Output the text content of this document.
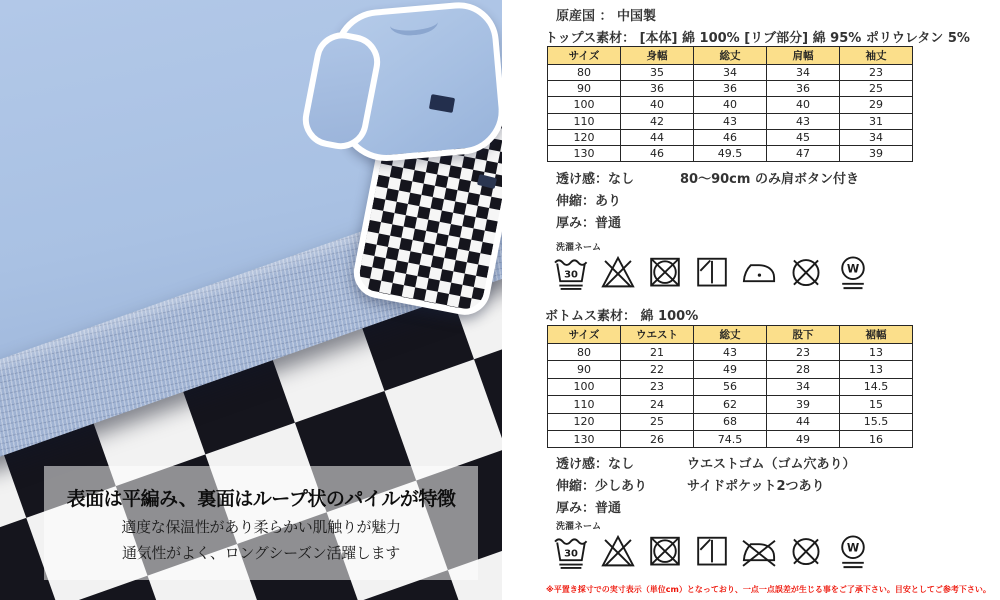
表面は平編み、裏面はループ状のパイルが特徴
適度な保温性があり柔らかい肌触りが魅力
通気性がよく、ロングシーズン活躍します
原産国 ： 中国製
トップス素材： [本体] 綿 100% [リブ部分] 綿 95% ポリウレタン 5%
サイズ	身幅	総丈	肩幅	袖丈
80	35	34	34	23
90	36	36	36	25
100	40	40	40	29
110	42	43	43	31
120	44	46	45	34
130	46	49.5	47	39
透け感：なし	80〜90cm のみ肩ボタン付き
伸縮：あり
厚み：普通
洗濯ネーム
ボトムス素材： 綿 100%
サイズ	ウエスト	総丈	股下	裾幅
80	21	43	23	13
90	22	49	28	13
100	23	56	34	14.5
110	24	62	39	15
120	25	68	44	15.5
130	26	74.5	49	16
透け感：なし	ウエストゴム（ゴム穴あり）
伸縮：少しあり	サイドポケット2つあり
厚み：普通
洗濯ネーム
※平置き採寸での実寸表示（単位cm）となっており、一点一点誤差が生じる事をご了承下さい。目安としてご参考下さい。
